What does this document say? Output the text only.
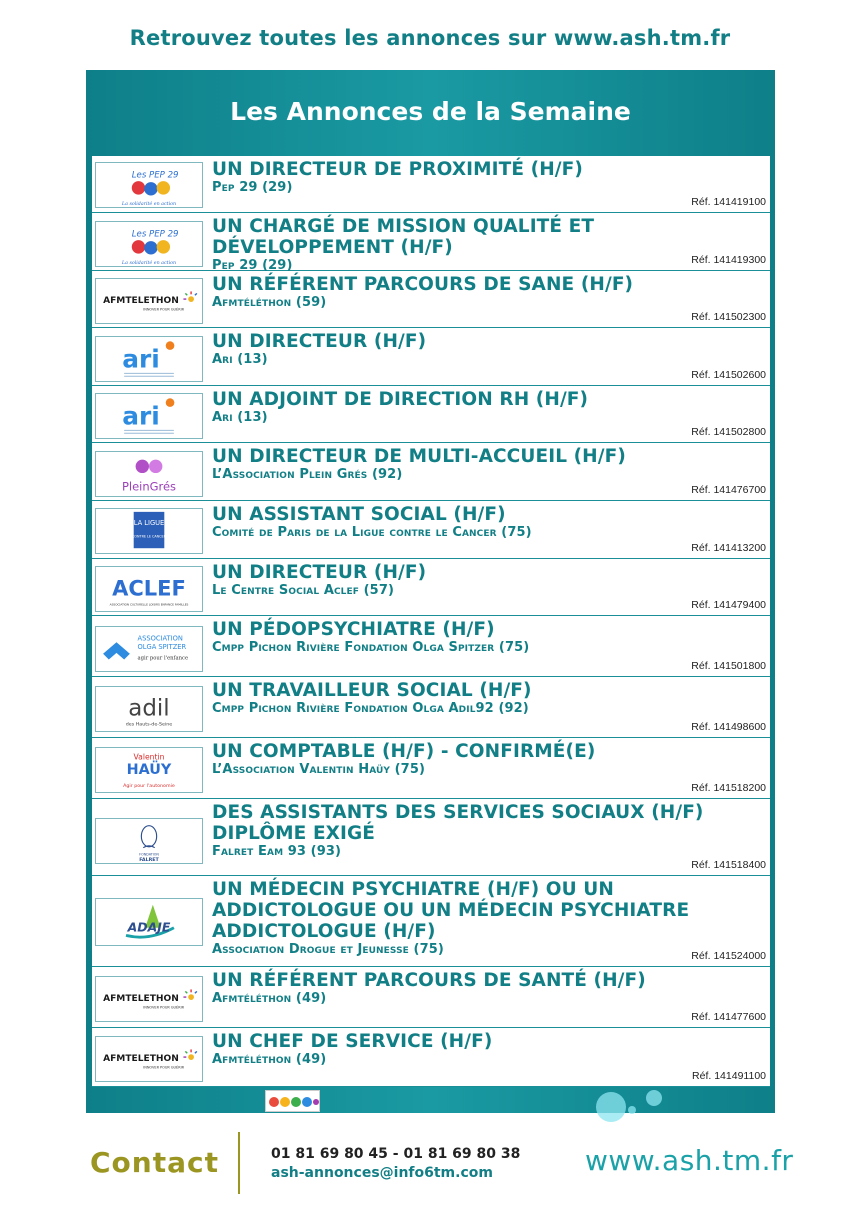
Retrouvez toutes les annonces sur www.ash.tm.fr
Les Annonces de la Semaine
Les PEP 29
La solidarité en action
UN DIRECTEUR DE PROXIMITÉ (H/F)
Pep 29 (29)
Réf. 141419100
Les PEP 29
La solidarité en action
UN CHARGÉ DE MISSION QUALITÉ ET DÉVELOPPEMENT (H/F)
Pep 29 (29)	Réf. 141419300
AFMTELETHON
INNOVER POUR GUÉRIR
UN RÉFÉRENT PARCOURS DE SANE (H/F)
Afmtéléthon (59)
Réf. 141502300
ari
UN DIRECTEUR (H/F)
Ari (13)
Réf. 141502600
ari
UN ADJOINT DE DIRECTION RH (H/F)
Ari (13)
Réf. 141502800
PleinGrés
UN DIRECTEUR DE MULTI-ACCUEIL (H/F)
L’Association Plein Grés (92)
Réf. 141476700
LA LIGUE
CONTRE LE CANCER
UN ASSISTANT SOCIAL (H/F)
Comité de Paris de la Ligue contre le Cancer (75)
Réf. 141413200
ACLEF
ASSOCIATION CULTURELLE LOISIRS ENFANCE FAMILLES
UN DIRECTEUR (H/F)
Le Centre Social Aclef (57)
Réf. 141479400
ASSOCIATION
OLGA SPITZER
agir pour l'enfance
UN PÉDOPSYCHIATRE (H/F)
Cmpp Pichon Rivière Fondation Olga Spitzer (75)
Réf. 141501800
adil
des Hauts-de-Seine
UN TRAVAILLEUR SOCIAL (H/F)
Cmpp Pichon Rivière Fondation Olga Adil92 (92)
Réf. 141498600
Valentin
HAÜY
Agir pour l'autonomie
UN COMPTABLE (H/F) - CONFIRMÉ(E)
L’Association Valentin Haüy (75)
Réf. 141518200
FONDATION
FALRET
DES ASSISTANTS DES SERVICES SOCIAUX (H/F) DIPLÔME EXIGÉ
Falret Eam 93 (93)
Réf. 141518400
ADAJE
UN MÉDECIN PSYCHIATRE (H/F) OU UN ADDICTOLOGUE OU UN MÉDECIN PSYCHIATRE ADDICTOLOGUE (H/F)
Association Drogue et Jeunesse (75)	Réf. 141524000
AFMTELETHON
INNOVER POUR GUÉRIR
UN RÉFÉRENT PARCOURS DE SANTÉ (H/F)
Afmtéléthon (49)
Réf. 141477600
AFMTELETHON
INNOVER POUR GUÉRIR
UN CHEF DE SERVICE (H/F)
Afmtéléthon (49)
Réf. 141491100
Contact	01 81 69 80 45 - 01 81 69 80 38
ash-annonces@info6tm.com	www.ash.tm.fr
